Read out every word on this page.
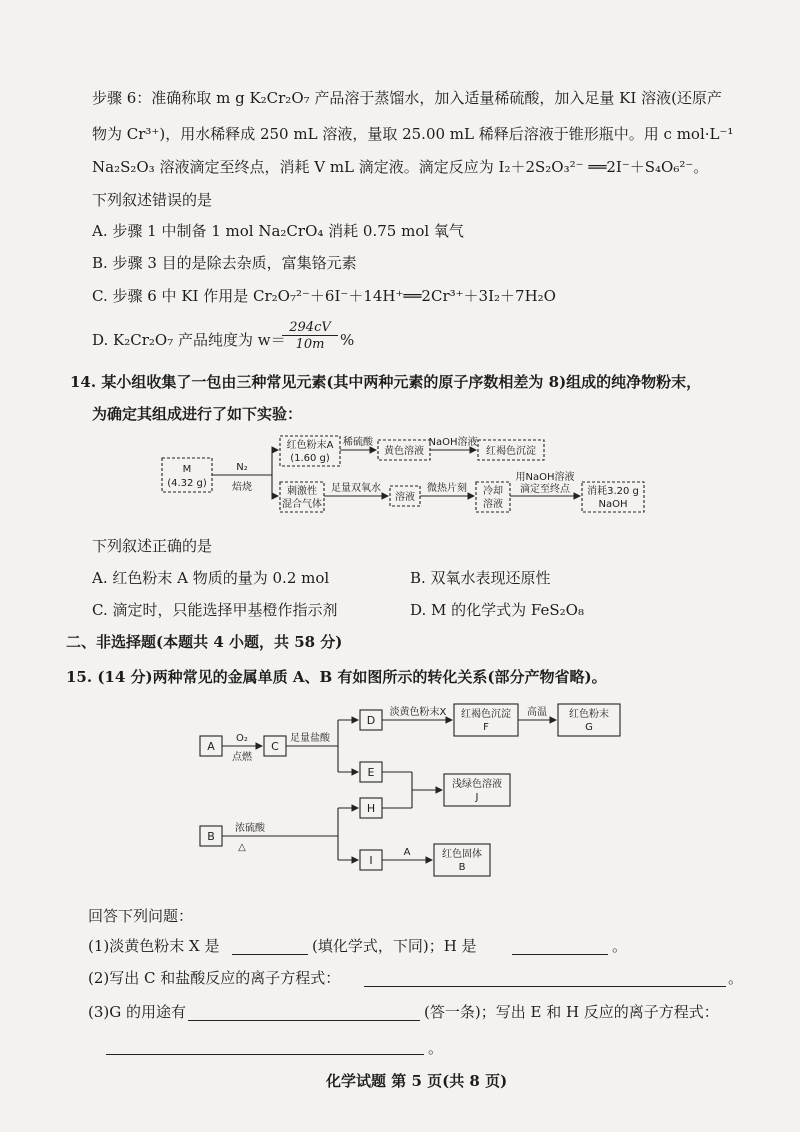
步骤 6：准确称取 m g K₂Cr₂O₇ 产品溶于蒸馏水，加入适量稀硫酸，加入足量 KI 溶液(还原产
物为 Cr³⁺)，用水稀释成 250 mL 溶液，量取 25.00 mL 稀释后溶液于锥形瓶中。用 c mol·L⁻¹
Na₂S₂O₃ 溶液滴定至终点，消耗 V mL 滴定液。滴定反应为 I₂＋2S₂O₃²⁻ ══2I⁻＋S₄O₆²⁻。
下列叙述错误的是
A. 步骤 1 中制备 1 mol Na₂CrO₄ 消耗 0.75 mol 氧气
B. 步骤 3 目的是除去杂质，富集铬元素
C. 步骤 6 中 KI 作用是 Cr₂O₇²⁻＋6I⁻＋14H⁺══2Cr³⁺＋3I₂＋7H₂O
D. K₂Cr₂O₇ 产品纯度为 w＝
294cV
10m	%
14. 某小组收集了一包由三种常见元素(其中两种元素的原子序数相差为 8)组成的纯净物粉末，
为确定其组成进行了如下实验：
M
(4.32 g)
N₂
焙烧
红色粉末A
(1.60 g)
稀硫酸
黄色溶液
NaOH溶液
红褐色沉淀
刺激性
混合气体
足量双氧水
溶液
微热片刻 冷却
溶液
用NaOH溶液
滴定至终点 消耗3.20 g
NaOH
下列叙述正确的是
A. 红色粉末 A 物质的量为 0.2 mol	B. 双氧水表现还原性
C. 滴定时，只能选择甲基橙作指示剂	D. M 的化学式为 FeS₂O₈
二、非选择题(本题共 4 小题，共 58 分)
15. (14 分)两种常见的金属单质 A、B 有如图所示的转化关系(部分产物省略)。
A
O₂
点燃
C
足量盐酸
D
E
淡黄色粉末X 红褐色沉淀
F
高温 红色粉末
G
浅绿色溶液
J
B
浓硫酸
△
H
I
A	红色固体
B
回答下列问题：
(1)淡黄色粉末 X 是	(填化学式，下同)；H 是	。
(2)写出 C 和盐酸反应的离子方程式：	。
(3)G 的用途有	(答一条)；写出 E 和 H 反应的离子方程式：
。
化学试题 第 5 页(共 8 页)
